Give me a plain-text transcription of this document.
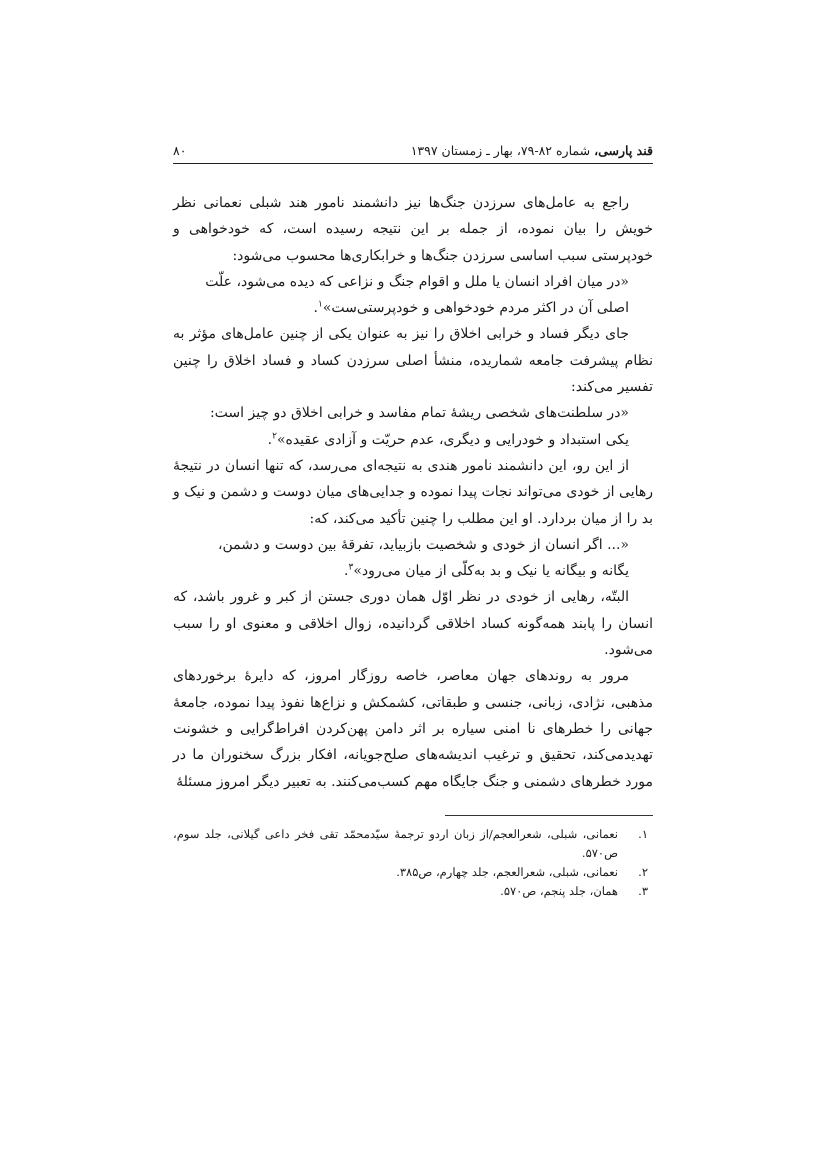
قند پارسی، شماره ۸۲-۷۹، بهار ـ زمستان ۱۳۹۷
۸۰

راجع به عامل‌های سرزدن جنگ‌ها نیز دانشمند نامور هند شبلی نعمانی نظر خویش را بیان نموده، از جمله بر این نتیجه رسیده است، که خودخواهی و خودپرستی سبب اساسی سرزدن جنگ‌ها و خرابکاری‌ها محسوب می‌شود:

«در میان افراد انسان یا ملل و اقوام جنگ و نزاعی که دیده می‌شود، علّت
اصلی آن در اکثر مردم خودخواهی و خودپرستی‌ست»$^۱$.

جای دیگر فساد و خرابی اخلاق را نیز به عنوان یکی از چنین عامل‌های مؤثر به نظام پیشرفت جامعه شماریده، منشأ اصلی سرزدن کساد و فساد اخلاق را چنین تفسیر می‌کند:

«در سلطنت‌های شخصی ریشهٔ تمام مفاسد و خرابی اخلاق دو چیز است:
یکی استبداد و خودرایی و دیگری، عدم حریّت و آزادی عقیده»$^۲$.

از این رو، این دانشمند نامور هندی به نتیجه‌ای می‌رسد، که تنها انسان در نتیجهٔ رهایی از خودی می‌تواند نجات پیدا نموده و جدایی‌های میان دوست و دشمن و نیک و بد را از میان بردارد. او این مطلب را چنین تأکید می‌کند، که:

«... اگر انسان از خودی و شخصیت بازبیاید، تفرقهٔ بین دوست و دشمن،
یگانه و بیگانه یا نیک و بد به‌کلّی از میان می‌رود»$^۳$.

البتّه، رهایی از خودی در نظر اوّل همان دوری جستن از کبر و غرور باشد، که انسان را پابند همه‌گونه کساد اخلاقی گردانیده، زوال اخلاقی و معنوی او را سبب می‌شود.

مرور به روندهای جهان معاصر، خاصه روزگار امروز، که دایرهٔ برخوردهای مذهبی، نژادی، زبانی، جنسی و طبقاتی، کشمکش و نزاع‌ها نفوذ پیدا نموده، جامعهٔ جهانی را خطرهای نا امنی سیاره بر اثر دامن پهن‌کردن افراط‌گرایی و خشونت تهدیدمی‌کند، تحقیق و ترغیب اندیشه‌های صلح‌جویانه، افکار بزرگ سخنوران ما در مورد خطرهای دشمنی و جنگ جایگاه مهم کسب‌می‌کنند. به تعبیر دیگر امروز مسئلهٔ

۱.
نعمانی، شبلی، شعرالعجم/از زبان اردو ترجمهٔ سیّدمحمّد تقی فخر داعی گیلانی، جلد سوم، ص۵۷۰.
۲.
نعمانی، شبلی، شعرالعجم، جلد چهارم، ص۳۸۵.
۳.
همان، جلد پنجم، ص۵۷۰.
